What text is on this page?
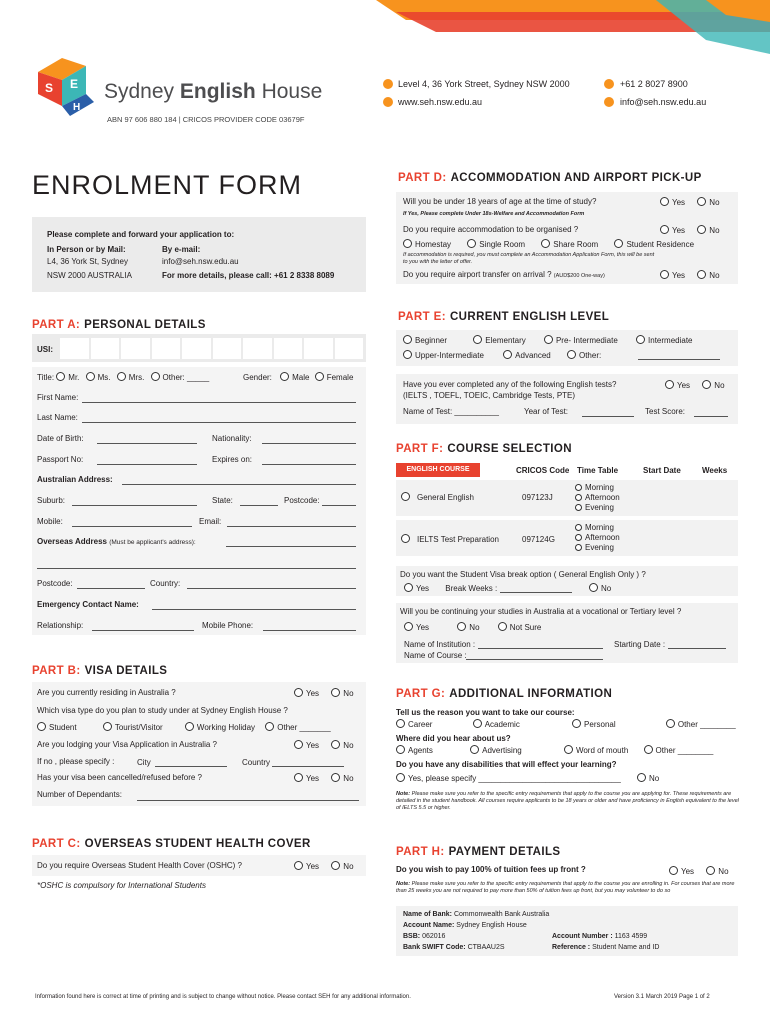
S E
H
Sydney English House
ABN 97 606 880 184 | CRICOS PROVIDER CODE 03679F
Level 4, 36 York Street, Sydney NSW 2000	+61 2 8027 8900
www.seh.nsw.edu.au	info@seh.nsw.edu.au
ENROLMENT FORM
Please complete and forward your application to:
In Person or by Mail:
L4, 36 York St, Sydney
NSW 2000 AUSTRALIA
By e-mail:
info@seh.nsw.edu.au
For more details, please call: +61 2 8338 8089
PART A: PERSONAL DETAILS
USI:
Title: Mr. Ms. Mrs. Other: _____	Gender:	Male Female
First Name:
Last Name:
Date of Birth:	Nationality:
Passport No:	Expires on:
Australian Address:
Suburb:	State:	Postcode:
Mobile:	Email:
Overseas Address (Must be applicant's address):
Postcode:	Country:
Emergency Contact Name:
Relationship:	Mobile Phone:
PART B: VISA DETAILS
Are you currently residing in Australia ?	Yes	No
Which visa type do you plan to study under at Sydney English House ?
Student	Tourist/Visitor	Working Holiday	Other _______
Are you lodging your Visa Application in Australia ?	Yes	No
If no , please specify :	City	Country
Has your visa been cancelled/refused before ?	Yes	No
Number of Dependants:
PART C: OVERSEAS STUDENT HEALTH COVER
Do you require Overseas Student Health Cover (OSHC) ?	Yes	No
*OSHC is compulsory for International Students
PART D: ACCOMMODATION AND AIRPORT PICK-UP
Will you be under 18 years of age at the time of study?	Yes	No
If Yes, Please complete Under 18s-Welfare and Accommodation Form
Do you require accommodation to be organised ?	Yes	No
Homestay	Single Room	Share Room	Student Residence
If accommodation is required, you must complete an Accommodation Application Form, this will be sent
to you with the letter of offer.
Do you require airport transfer on arrival ? (AUD$200 One-way)	Yes	No
PART E: CURRENT ENGLISH LEVEL
Beginner	Elementary	Pre- Intermediate	Intermediate
Upper-Intermediate	Advanced	Other:
Have you ever completed any of the following English tests?	Yes	No
(IELTS , TOEFL, TOEIC, Cambridge Tests, PTE)
Name of Test: __________	Year of Test:	Test Score:
PART F: COURSE SELECTION
ENGLISH COURSE	CRICOS Code Time Table	Start Date	Weeks
General English	097123J
Morning
Afternoon
Evening
IELTS Test Preparation	097124G
Morning
Afternoon
Evening
Do you want the Student Visa break option ( General English Only ) ?
Yes Break Weeks :	No
Will you be continuing your studies in Australia at a vocational or Tertiary level ?
Yes	No	Not Sure
Name of Institution :
Name of Course :
Starting Date :
PART G: ADDITIONAL INFORMATION
Tell us the reason you want to take our course:
Career	Academic	Personal	Other ________
Where did you hear about us?
Agents	Advertising	Word of mouth	Other ________
Do you have any disabilities that will effect your learning?
Yes, please specify ________________________________	No
Note: Please make sure you refer to the specific entry requirements that apply to the course you are applying for. These requirements are detailed in the student handbook. All courses require applicants to be 18 years or older and have proficiency in English equivalent to the level of IELTS 5.5 or higher.
PART H: PAYMENT DETAILS
Do you wish to pay 100% of tuition fees up front ?	Yes	No
Note: Please make sure you refer to the specific entry requirements that apply to the course you are enrolling in. For courses that are more than 25 weeks you are not required to pay more than 50% of tuition fees up front, but you may volunteer to do so
Name of Bank: Commonwealth Bank Australia
Account Name: Sydney English House
BSB: 062016
Bank SWIFT Code: CTBAAU2S
Account Number : 1163 4599
Reference : Student Name and ID
Information found here is correct at time of printing and is subject to change without notice. Please contact SEH for any additional information.	Version 3.1 March 2019 Page 1 of 2
